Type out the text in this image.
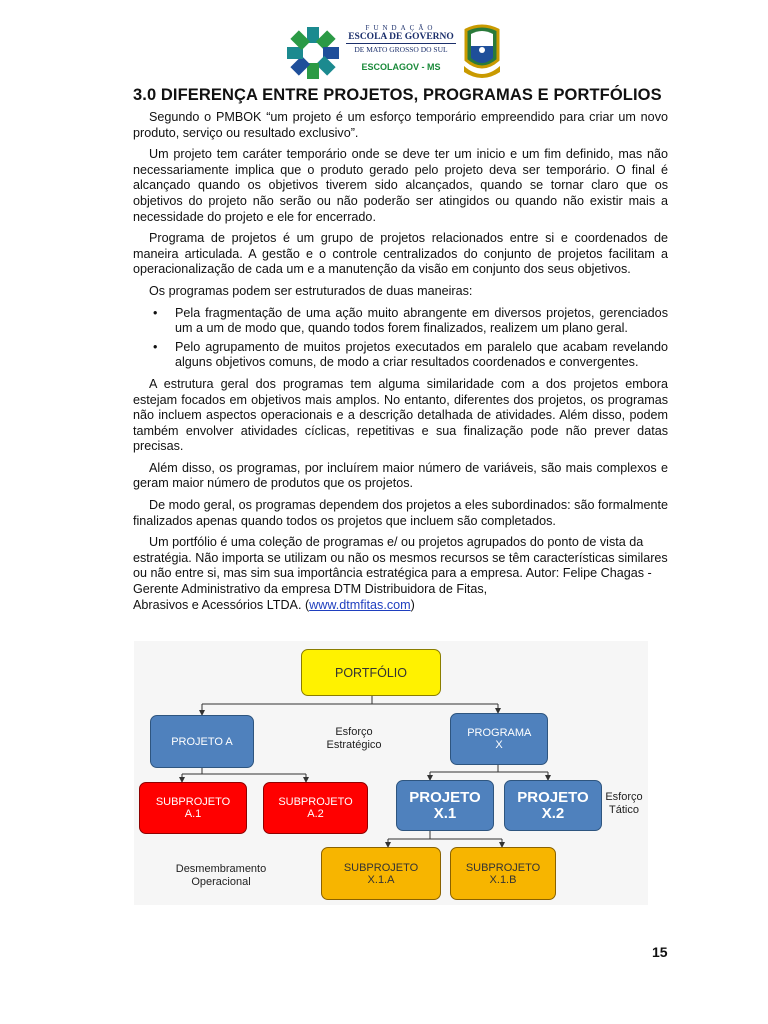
FUNDAÇÃO
ESCOLA DE GOVERNO
DE MATO GROSSO DO SUL
ESCOLAGOV - MS
3.0 DIFERENÇA ENTRE PROJETOS, PROGRAMAS E PORTFÓLIOS

Segundo o PMBOK “um projeto é um esforço temporário empreendido para criar um novo produto, serviço ou resultado exclusivo”.

Um projeto tem caráter temporário onde se deve ter um inicio e um fim definido, mas não necessariamente implica que o produto gerado pelo projeto deva ser temporário. O final é alcançado quando os objetivos tiverem sido alcançados, quando se tornar claro que os objetivos do projeto não serão ou não poderão ser atingidos ou quando não existir mais a necessidade do projeto e ele for encerrado.

Programa de projetos é um grupo de projetos relacionados entre si e coordenados de maneira articulada. A gestão e o controle centralizados do conjunto de projetos facilitam a operacionalização de cada um e a manutenção da visão em conjunto dos seus objetivos.

Os programas podem ser estruturados de duas maneiras:

• Pela fragmentação de uma ação muito abrangente em diversos projetos, gerenciados um a um de modo que, quando todos forem finalizados, realizem um plano geral.
• Pelo agrupamento de muitos projetos executados em paralelo que acabam revelando alguns objetivos comuns, de modo a criar resultados coordenados e convergentes.

A estrutura geral dos programas tem alguma similaridade com a dos projetos embora estejam focados em objetivos mais amplos. No entanto, diferentes dos projetos, os programas não incluem aspectos operacionais e a descrição detalhada de atividades. Além disso, podem também envolver atividades cíclicas, repetitivas e sua finalização pode não prever datas precisas.

Além disso, os programas, por incluírem maior número de variáveis, são mais complexos e geram maior número de produtos que os projetos.

De modo geral, os programas dependem dos projetos a eles subordinados: são formalmente finalizados apenas quando todos os projetos que incluem são completados.

Um portfólio é uma coleção de programas e/ ou projetos agrupados do ponto de vista da estratégia. Não importa se utilizam ou não os mesmos recursos se têm características similares ou não entre si, mas sim sua importância estratégica para a empresa. Autor: Felipe Chagas - Gerente Administrativo da empresa DTM Distribuidora de Fitas,
Abrasivos e Acessórios LTDA. (www.dtmfitas.com)

PORTFÓLIO
PROJETO A
PROGRAMA X
Esforço Estratégico
SUBPROJETO A.1
SUBPROJETO A.2
PROJETO X.1
PROJETO X.2
Esforço Tático
SUBPROJETO X.1.A
SUBPROJETO X.1.B
Desmembramento Operacional
15
